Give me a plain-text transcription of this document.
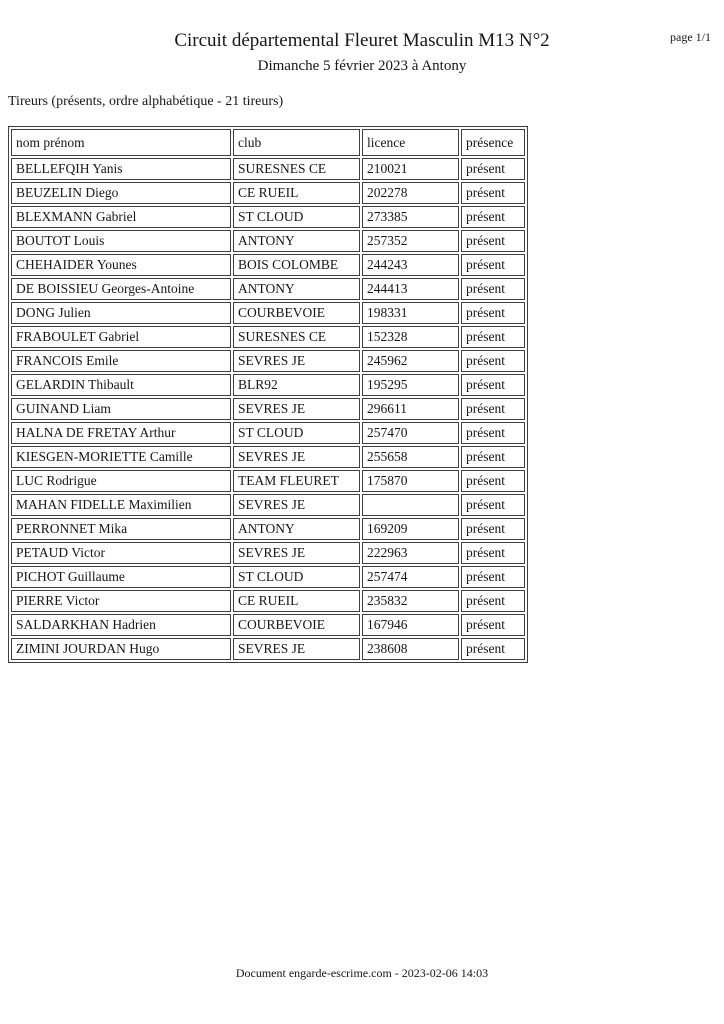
Circuit départemental Fleuret Masculin M13 N°2
Dimanche 5 février 2023 à Antony
page 1/1
Tireurs (présents, ordre alphabétique - 21 tireurs)
nom prénom	club	licence	présence
BELLEFQIH Yanis	SURESNES CE	210021	présent
BEUZELIN Diego	CE RUEIL	202278	présent
BLEXMANN Gabriel	ST CLOUD	273385	présent
BOUTOT Louis	ANTONY	257352	présent
CHEHAIDER Younes	BOIS COLOMBE	244243	présent
DE BOISSIEU Georges-Antoine	ANTONY	244413	présent
DONG Julien	COURBEVOIE	198331	présent
FRABOULET Gabriel	SURESNES CE	152328	présent
FRANCOIS Emile	SEVRES JE	245962	présent
GELARDIN Thibault	BLR92	195295	présent
GUINAND Liam	SEVRES JE	296611	présent
HALNA DE FRETAY Arthur	ST CLOUD	257470	présent
KIESGEN-MORIETTE Camille	SEVRES JE	255658	présent
LUC Rodrigue	TEAM FLEURET	175870	présent
MAHAN FIDELLE Maximilien	SEVRES JE		présent
PERRONNET Mika	ANTONY	169209	présent
PETAUD Victor	SEVRES JE	222963	présent
PICHOT Guillaume	ST CLOUD	257474	présent
PIERRE Victor	CE RUEIL	235832	présent
SALDARKHAN Hadrien	COURBEVOIE	167946	présent
ZIMINI JOURDAN Hugo	SEVRES JE	238608	présent
Document engarde-escrime.com - 2023-02-06 14:03
